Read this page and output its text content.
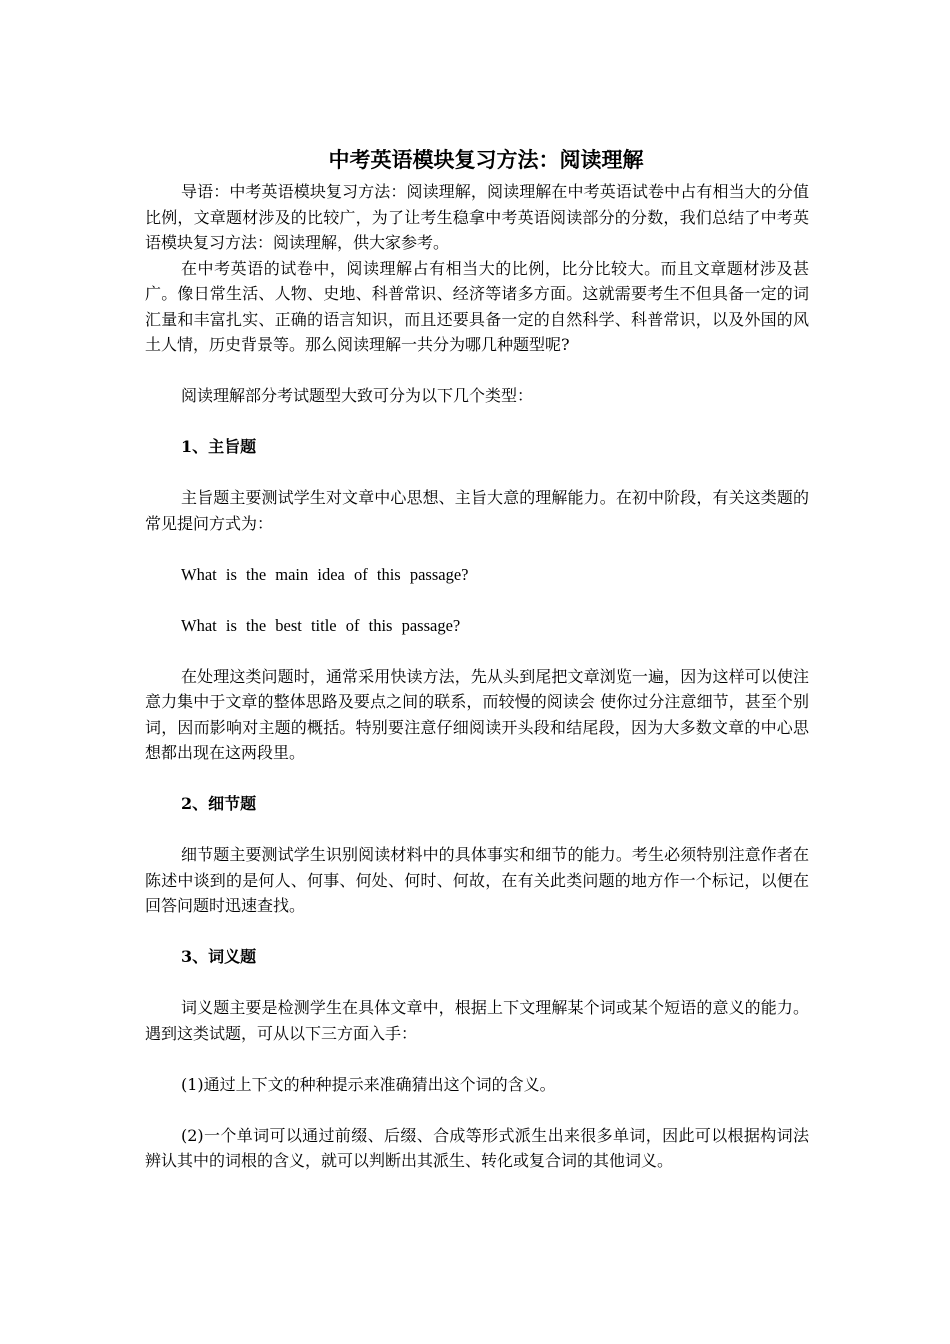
中考英语模块复习方法：阅读理解

导语：中考英语模块复习方法：阅读理解，阅读理解在中考英语试卷中占有相当大的分值比例，文章题材涉及的比较广，为了让考生稳拿中考英语阅读部分的分数，我们总结了中考英语模块复习方法：阅读理解，供大家参考。

在中考英语的试卷中，阅读理解占有相当大的比例，比分比较大。而且文章题材涉及甚广。像日常生活、人物、史地、科普常识、经济等诸多方面。这就需要考生不但具备一定的词汇量和丰富扎实、正确的语言知识，而且还要具备一定的自然科学、科普常识，以及外国的风土人情，历史背景等。那么阅读理解一共分为哪几种题型呢?

阅读理解部分考试题型大致可分为以下几个类型：

1、主旨题

主旨题主要测试学生对文章中心思想、主旨大意的理解能力。在初中阶段，有关这类题的常见提问方式为：

What is the main idea of this passage?

What is the best title of this passage?

在处理这类问题时，通常采用快读方法，先从头到尾把文章浏览一遍，因为这样可以使注意力集中于文章的整体思路及要点之间的联系，而较慢的阅读会 使你过分注意细节，甚至个别词，因而影响对主题的概括。特别要注意仔细阅读开头段和结尾段，因为大多数文章的中心思想都出现在这两段里。

2、细节题

细节题主要测试学生识别阅读材料中的具体事实和细节的能力。考生必须特别注意作者在陈述中谈到的是何人、何事、何处、何时、何故，在有关此类问题的地方作一个标记，以便在回答问题时迅速查找。

3、词义题

词义题主要是检测学生在具体文章中，根据上下文理解某个词或某个短语的意义的能力。遇到这类试题，可从以下三方面入手：

(1)通过上下文的种种提示来准确猜出这个词的含义。

(2)一个单词可以通过前缀、后缀、合成等形式派生出来很多单词，因此可以根据构词法辨认其中的词根的含义，就可以判断出其派生、转化或复合词的其他词义。
